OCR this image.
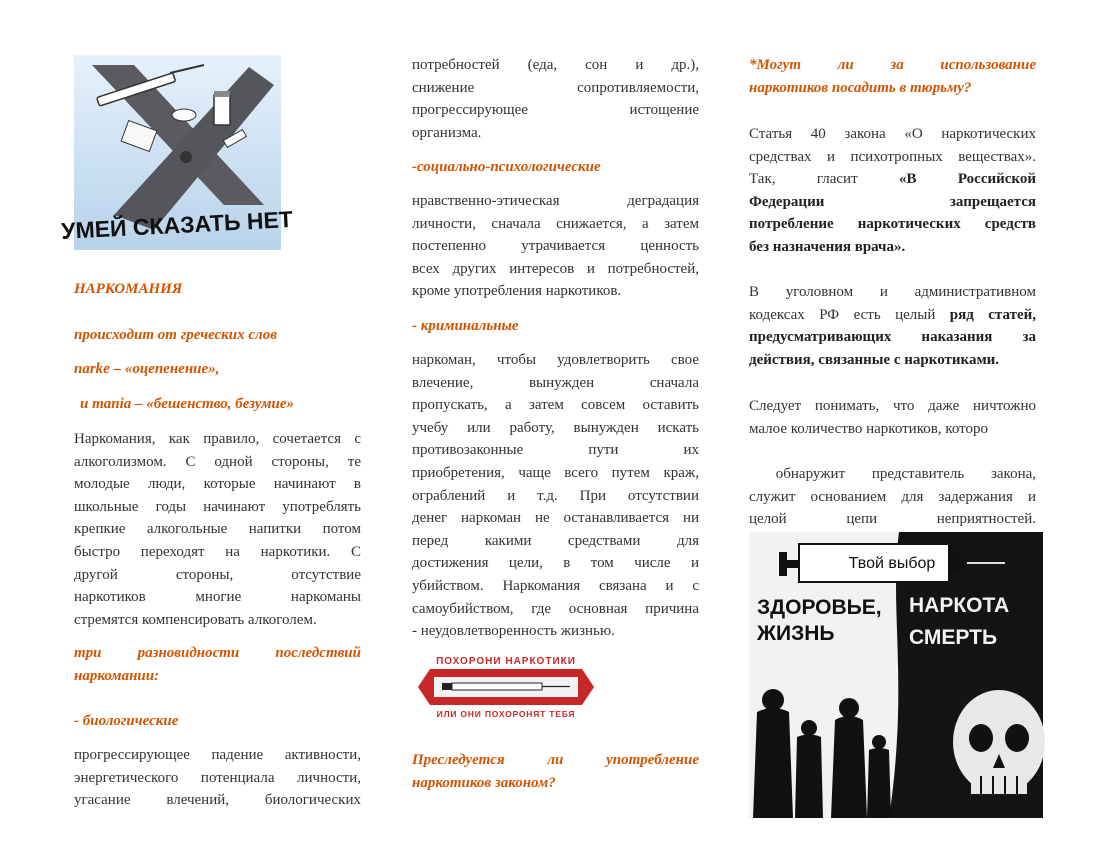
УМЕЙ СКАЗАТЬ НЕТ
НАРКОМАНИЯ
происходит от греческих слов
narke – «оцепенение»,
и mania – «бешенство, безумие»
Наркомания, как правило, сочетается с
алкоголизмом. С одной стороны, те
молодые люди, которые начинают в
школьные годы начинают употреблять
крепкие алкогольные напитки потом
быстро переходят на наркотики. С
другой стороны, отсутствие
наркотиков многие наркоманы
стремятся компенсировать алкоголем.
три разновидности последствий
наркомании:
- биологические
прогрессирующее падение активности,
энергетического потенциала личности,
угасание влечений, биологических
потребностей (еда, сон и др.),
снижение сопротивляемости,
прогрессирующее истощение
организма.
-социально-психологические
нравственно-этическая деградация
личности, сначала снижается, а затем
постепенно утрачивается ценность
всех других интересов и потребностей,
кроме употребления наркотиков.
- криминальные
наркоман, чтобы удовлетворить свое
влечение, вынужден сначала
пропускать, а затем совсем оставить
учебу или работу, вынужден искать
противозаконные пути их
приобретения, чаще всего путем краж,
ограблений и т.д. При отсутствии
денег наркоман не останавливается ни
перед какими средствами для
достижения цели, в том числе и
убийством. Наркомания связана и с
самоубийством, где основная причина
- неудовлетворенность жизнью.
ПОХОРОНИ НАРКОТИКИ
ИЛИ ОНИ ПОХОРОНЯТ ТЕБЯ
Преследуется ли употребление
наркотиков законом?
*Могут ли за использование
наркотиков посадить в тюрьму?
Статья 40 закона «О наркотических
средствах и психотропных веществах».
Так, гласит	«В Российской
Федерации	запрещается
потребление наркотических средств
без назначения врача».
В уголовном и административном
кодексах РФ есть целый ряд статей,
предусматривающих наказания за
действия, связанные с наркотиками.
Следует понимать, что даже ничтожно
малое количество наркотиков, которо
обнаружит представитель закона,
служит основанием для задержания и
целой цепи неприятностей.
Твой выбор
ЗДОРОВЬЕ,
ЖИЗНЬ
НАРКОТА
СМЕРТЬ
